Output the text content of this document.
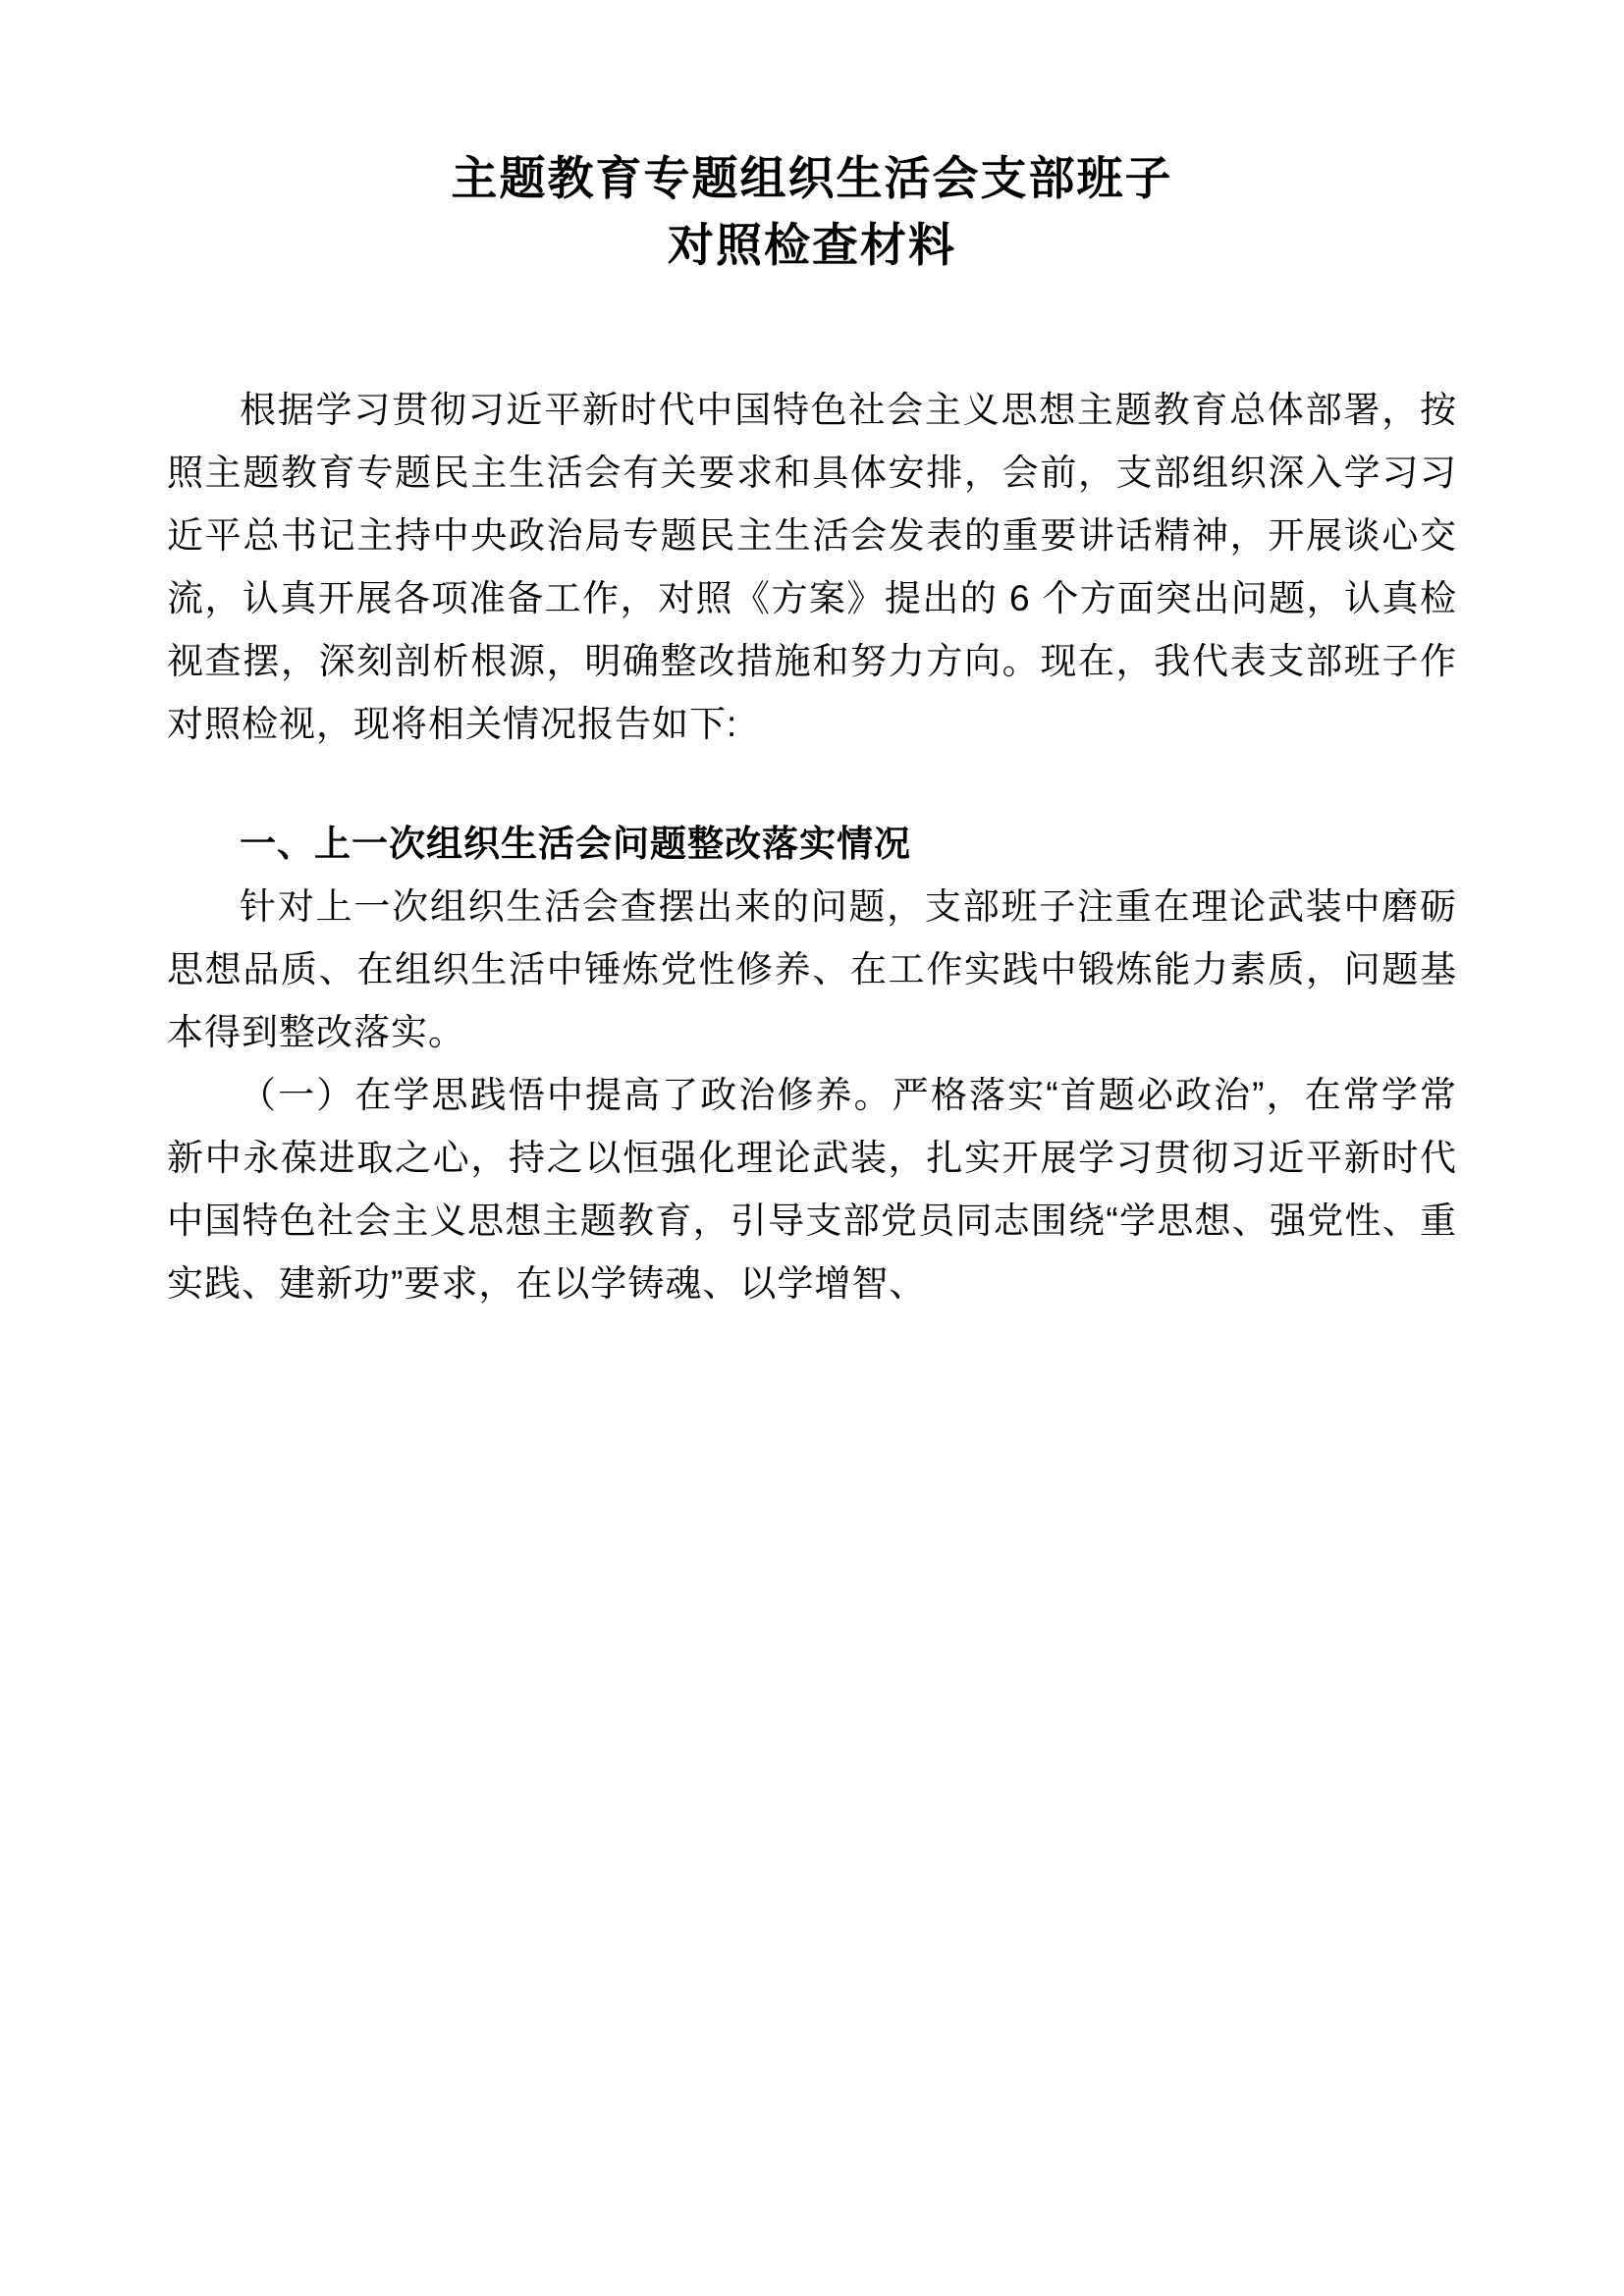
主题教育专题组织生活会支部班子
对照检查材料

根据学习贯彻习近平新时代中国特色社会主义思想主题教育总体部署，按照主题教育专题民主生活会有关要求和具体安排，会前，支部组织深入学习习近平总书记主持中央政治局专题民主生活会发表的重要讲话精神，开展谈心交流，认真开展各项准备工作，对照《方案》提出的 6 个方面突出问题，认真检视查摆，深刻剖析根源，明确整改措施和努力方向。现在，我代表支部班子作对照检视，现将相关情况报告如下:

一、上一次组织生活会问题整改落实情况

针对上一次组织生活会查摆出来的问题，支部班子注重在理论武装中磨砺思想品质、在组织生活中锤炼党性修养、在工作实践中锻炼能力素质，问题基本得到整改落实。

（一）在学思践悟中提高了政治修养。严格落实“首题必政治”，在常学常新中永葆进取之心，持之以恒强化理论武装，扎实开展学习贯彻习近平新时代中国特色社会主义思想主题教育，引导支部党员同志围绕“学思想、强党性、重实践、建新功”要求，在以学铸魂、以学增智、
